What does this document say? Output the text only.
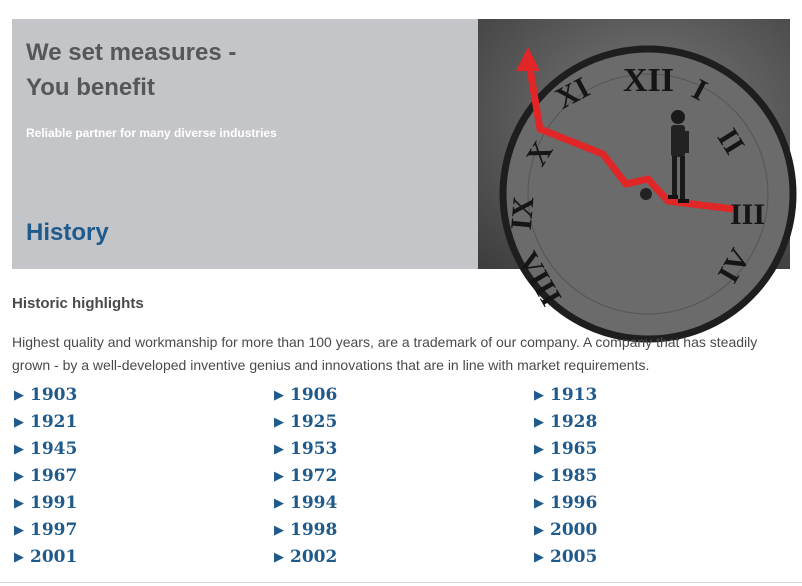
We set measures -
You benefit

Reliable partner for many diverse industries

History
XII I
II
III
IV
XI
X
IX
VIII
Historic highlights

Highest quality and workmanship for more than 100 years, are a trademark of our company. A company that has steadily grown - by a well-developed inventive genius and innovations that are in line with market requirements.

▶ 1903	▶ 1906	▶ 1913
▶ 1921	▶ 1925	▶ 1928
▶ 1945	▶ 1953	▶ 1965
▶ 1967	▶ 1972	▶ 1985
▶ 1991	▶ 1994	▶ 1996
▶ 1997	▶ 1998	▶ 2000
▶ 2001	▶ 2002	▶ 2005
